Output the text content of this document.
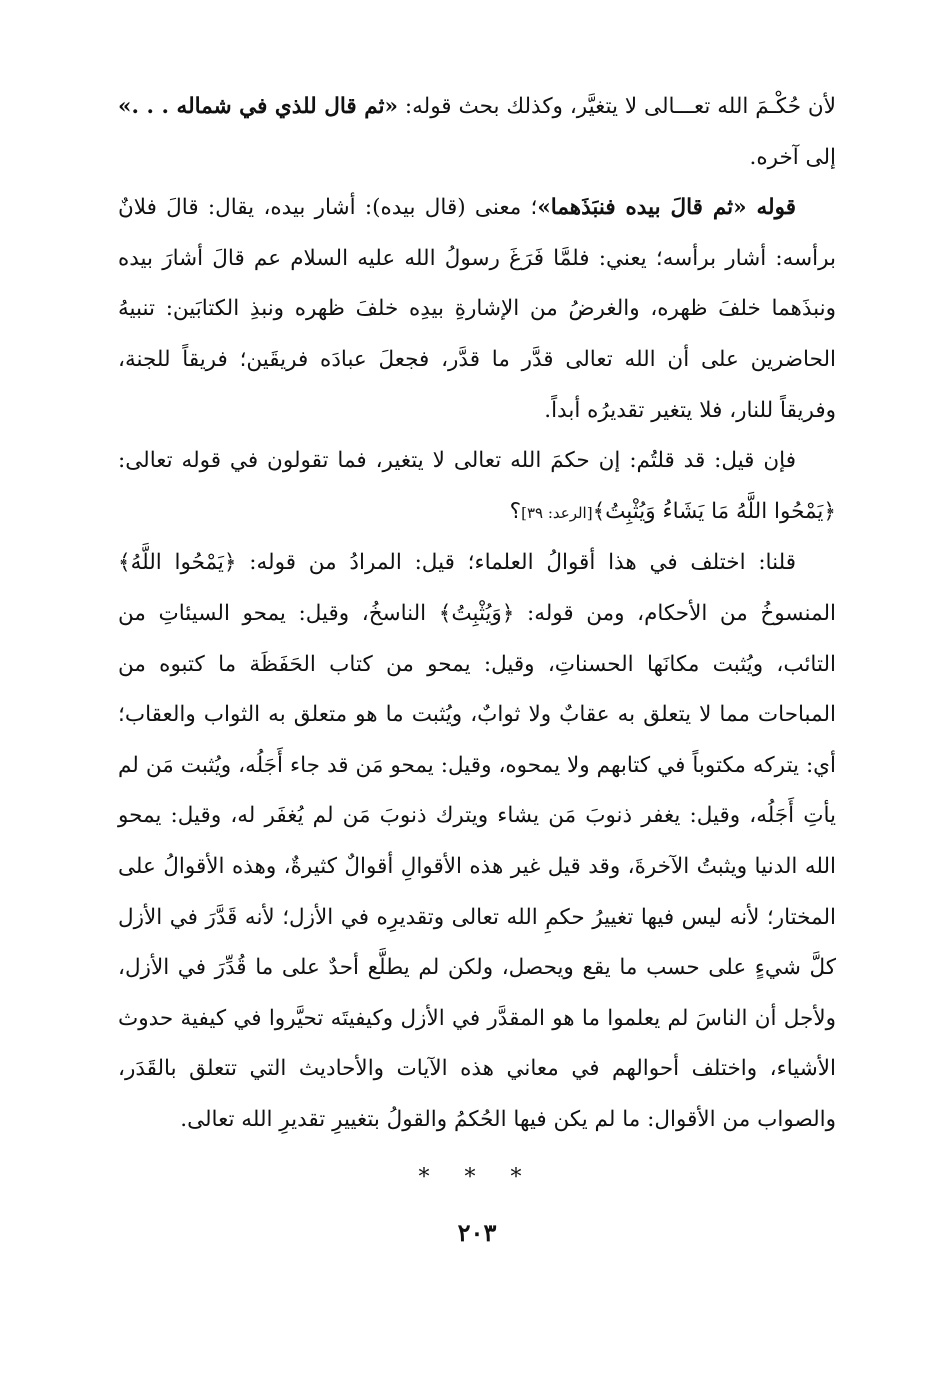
لأن حُكْـمَ الله تعـــالى لا يتغيَّر، وكذلك بحث قوله: «ثم قال للذي في شماله . . .» إلى آخره.

قوله «ثم قالَ بيده فنبَذَهما»؛ معنى (قال بيده): أشار بيده، يقال: قالَ فلانٌ برأسه: أشار برأسه؛ يعني: فلمَّا فَرَغَ رسولُ الله عليه السلام عم قالَ أشارَ بيده ونبذَهما خلفَ ظهره، والغرضُ من الإشارةِ بيدِه خلفَ ظهره ونبذِ الكتابَين: تنبيهُ الحاضرين على أن الله تعالى قدَّر ما قدَّر، فجعلَ عبادَه فريقَين؛ فريقاً للجنة، وفريقاً للنار، فلا يتغير تقديرُه أبداً.

فإن قيل: قد قلتُم: إن حكمَ الله تعالى لا يتغير، فما تقولون في قوله تعالى: ﴿يَمْحُوا اللَّهُ مَا يَشَاءُ وَيُثْبِتُ﴾[الرعد: ٣٩]؟

قلنا: اختلف في هذا أقوالُ العلماء؛ قيل: المرادُ من قوله: ﴿يَمْحُوا اللَّهُ﴾ المنسوخُ من الأحكام، ومن قوله: ﴿وَيُثْبِتُ﴾ الناسخُ، وقيل: يمحو السيئاتِ من التائب، ويُثبت مكانَها الحسناتِ، وقيل: يمحو من كتاب الحَفَظَة ما كتبوه من المباحات مما لا يتعلق به عقابٌ ولا ثوابٌ، ويُثبت ما هو متعلق به الثواب والعقاب؛ أي: يتركه مكتوباً في كتابهم ولا يمحوه، وقيل: يمحو مَن قد جاء أَجَلُه، ويُثبت مَن لم يأتِ أَجَلُه، وقيل: يغفر ذنوبَ مَن يشاء ويترك ذنوبَ مَن لم يُغفَر له، وقيل: يمحو الله الدنيا ويثبتُ الآخرةَ، وقد قيل غير هذه الأقوالِ أقوالٌ كثيرةٌ، وهذه الأقوالُ على المختار؛ لأنه ليس فيها تغييرُ حكمِ الله تعالى وتقديرِه في الأزل؛ لأنه قَدَّرَ في الأزل كلَّ شيءٍ على حسب ما يقع ويحصل، ولكن لم يطلَّع أحدٌ على ما قُدِّرَ في الأزل، ولأجل أن الناسَ لم يعلموا ما هو المقدَّر في الأزل وكيفيتَه تحيَّروا في كيفية حدوث الأشياء، واختلف أحوالهم في معاني هذه الآيات والأحاديث التي تتعلق بالقَدَر، والصواب من الأقوال: ما لم يكن فيها الحُكمُ والقولُ بتغييرِ تقديرِ الله تعالى.

* * *
٢٠٣
